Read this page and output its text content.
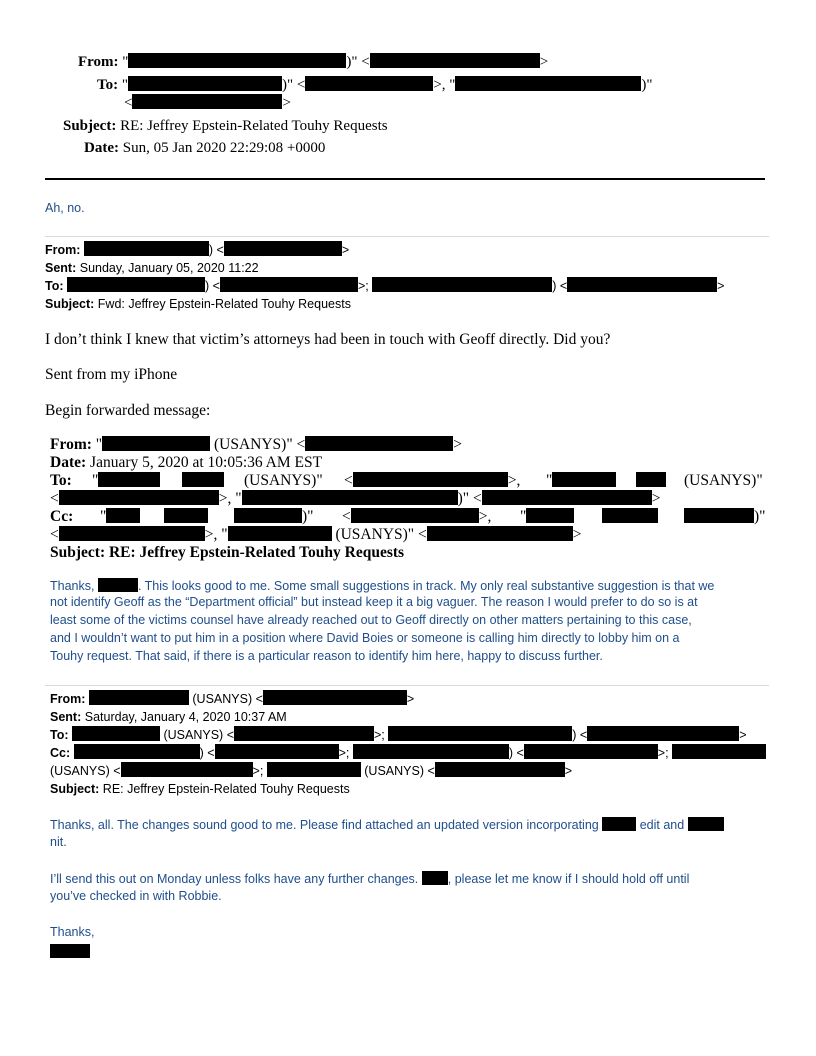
From: "	)" <	>
To: "	)" <	>, "	)"
<	>
Subject: RE: Jeffrey Epstein-Related Touhy Requests
Date: Sun, 05 Jan 2020 22:29:08 +0000
Ah, no.
From:	) <	>
Sent: Sunday, January 05, 2020 11:22
To:	) <	>;	) <	>
Subject: Fwd: Jeffrey Epstein-Related Touhy Requests
I don’t think I knew that victim’s attorneys had been in touch with Geoff directly. Did you?
Sent from my iPhone
Begin forwarded message:
From: "	(USANYS)" <	>
Date: January 5, 2020 at 10:05:36 AM EST
To: "	(USANYS)" <	>, "	(USANYS)"
<	>, "	)" <	>
Cc: "	)" <	>, "	)"
<	>, "	(USANYS)" <	>
Subject: RE: Jeffrey Epstein-Related Touhy Requests
Thanks,	. This looks good to me. Some small suggestions in track. My only real substantive suggestion is that we
not identify Geoff as the “Department official” but instead keep it a big vaguer. The reason I would prefer to do so is at
least some of the victims counsel have already reached out to Geoff directly on other matters pertaining to this case,
and I wouldn’t want to put him in a position where David Boies or someone is calling him directly to lobby him on a
Touhy request. That said, if there is a particular reason to identify him here, happy to discuss further.
From:	(USANYS) <	>
Sent: Saturday, January 4, 2020 10:37 AM
To:	(USANYS) <	>;	) <	>
Cc:	) <	>;	) <	>;
(USANYS) <	>;	(USANYS) <	>
Subject: RE: Jeffrey Epstein-Related Touhy Requests
Thanks, all. The changes sound good to me. Please find attached an updated version incorporating	edit and
nit.
I’ll send this out on Monday unless folks have any further changes. , please let me know if I should hold off until
you’ve checked in with Robbie.
Thanks,
